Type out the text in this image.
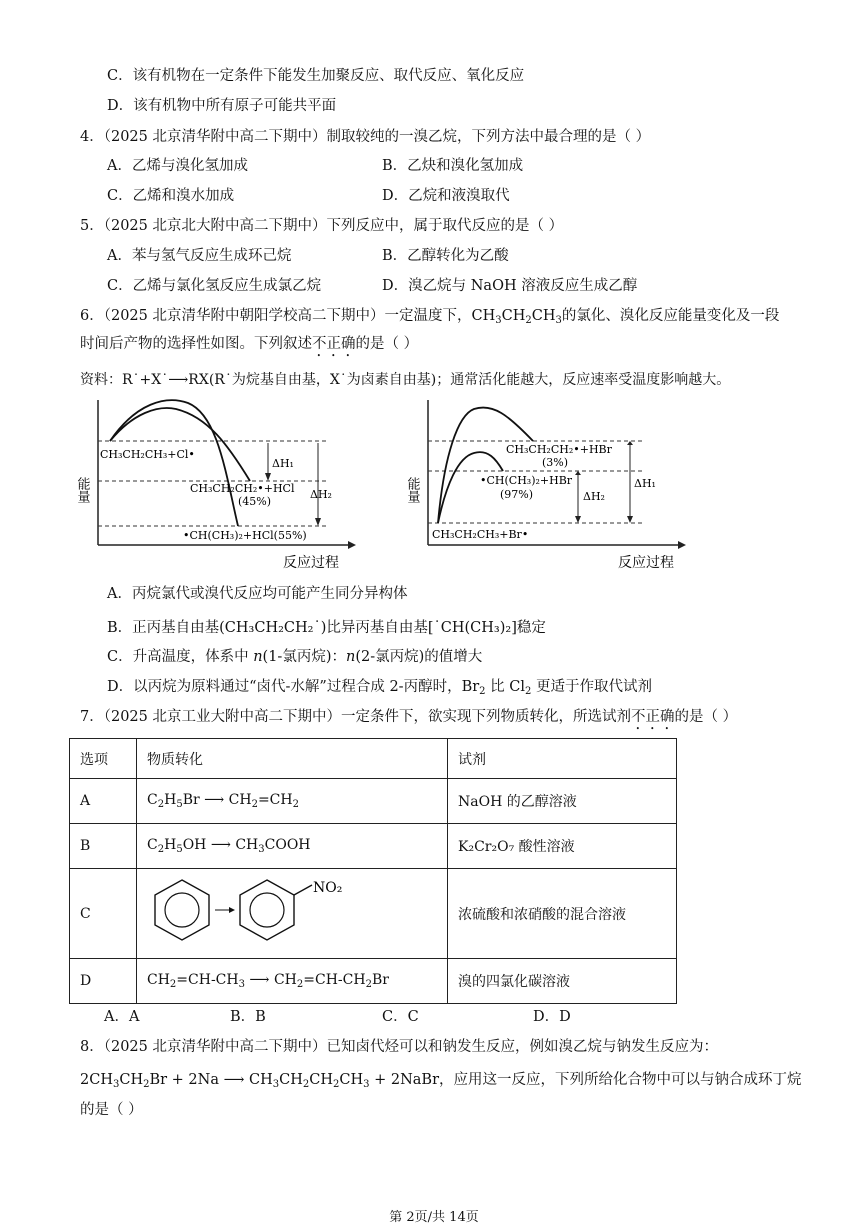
C．该有机物在一定条件下能发生加聚反应、取代反应、氧化反应
D．该有机物中所有原子可能共平面
4．（2025 北京清华附中高二下期中）制取较纯的一溴乙烷，下列方法中最合理的是（ ）
A．乙烯与溴化氢加成	B．乙炔和溴化氢加成
C．乙烯和溴水加成	D．乙烷和液溴取代
5．（2025 北京北大附中高二下期中）下列反应中，属于取代反应的是（ ）
A．苯与氢气反应生成环己烷	B．乙醇转化为乙酸
C．乙烯与氯化氢反应生成氯乙烷	D．溴乙烷与 NaOH 溶液反应生成乙醇
6．（2025 北京清华附中朝阳学校高二下期中）一定温度下，$CH_3CH_2CH_3$的氯化、溴化反应能量变化及一段
时间后产物的选择性如图。下列叙述不正确的是（ ）
资料：R˙+X˙⟶RX(R˙为烷基自由基，X˙为卤素自由基)；通常活化能越大，反应速率受温度影响越大。
能量
反应过程
CH₃CH₂CH₃+Cl•
CH₃CH₂CH₂•+HCl
(45%)
•CH(CH₃)₂+HCl(55%)
ΔH₁
ΔH₂	能量
反应过程
CH₃CH₂CH₂•+HBr
(3%)
•CH(CH₃)₂+HBr
(97%)
CH₃CH₂CH₃+Br•
ΔH₁
ΔH₂
A．丙烷氯代或溴代反应均可能产生同分异构体
B．正丙基自由基(CH₃CH₂CH₂˙)比异丙基自由基[˙CH(CH₃)₂]稳定
C．升高温度，体系中 n(1-氯丙烷)：n(2-氯丙烷)的值增大
D．以丙烷为原料通过“卤代-水解”过程合成 2-丙醇时，$Br_2$ 比 $Cl_2$ 更适于作取代试剂
7．（2025 北京工业大附中高二下期中）一定条件下，欲实现下列物质转化，所选试剂不正确的是（ ）
选项	物质转化	试剂
A	$C_2H_5Br$ ⟶ $CH_2=CH_2$	NaOH 的乙醇溶液
B	$C_2H_5OH$ ⟶ $CH_3COOH$	K₂Cr₂O₇ 酸性溶液
C	NO₂	浓硫酸和浓硝酸的混合溶液
D	$CH_2=CH-CH_3$ ⟶ $CH_2=CH-CH_2Br$	溴的四氯化碳溶液
A．A	B．B	C．C	D．D
8．（2025 北京清华附中高二下期中）已知卤代烃可以和钠发生反应，例如溴乙烷与钠发生反应为：
$2CH_3CH_2Br + 2Na$ ⟶ $CH_3CH_2CH_2CH_3$ + 2NaBr，应用这一反应，下列所给化合物中可以与钠合成环丁烷
的是（ ）
第 2页/共 14页
